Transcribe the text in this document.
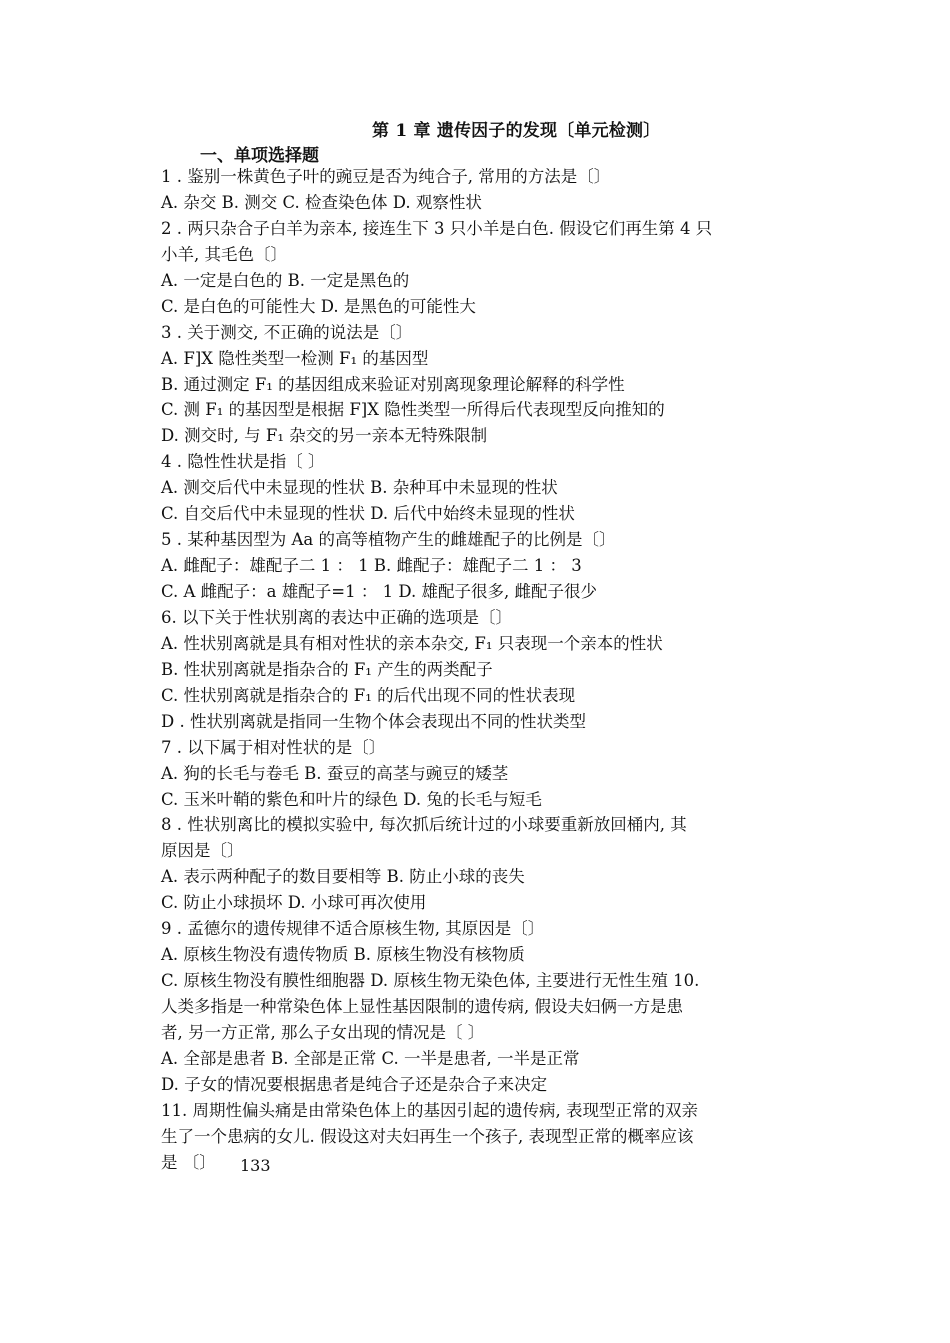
第 1 章 遗传因子的发现〔单元检测〕
一、单项选择题
1 . 鉴别一株黄色子叶的豌豆是否为纯合子, 常用的方法是〔〕
A. 杂交 B. 测交 C. 检查染色体 D. 观察性状
2 . 两只杂合子白羊为亲本, 接连生下 3 只小羊是白色. 假设它们再生第 4 只
小羊, 其毛色〔〕
A. 一定是白色的 B. 一定是黑色的
C. 是白色的可能性大 D. 是黑色的可能性大
3 . 关于测交, 不正确的说法是〔〕
A. F]X 隐性类型一检测 F₁ 的基因型
B. 通过测定 F₁ 的基因组成来验证对别离现象理论解释的科学性
C. 测 F₁ 的基因型是根据 F]X 隐性类型一所得后代表现型反向推知的
D. 测交时, 与 F₁ 杂交的另一亲本无特殊限制
4 . 隐性性状是指〔 〕
A. 测交后代中未显现的性状 B. 杂种耳中未显现的性状
C. 自交后代中未显现的性状 D. 后代中始终未显现的性状
5 . 某种基因型为 Aa 的高等植物产生的雌雄配子的比例是〔〕
A. 雌配子：雄配子二 1 ： 1 B. 雌配子：雄配子二 1 ： 3
C. A 雌配子：a 雄配子=1 ： 1 D. 雄配子很多, 雌配子很少
6. 以下关于性状别离的表达中正确的选项是〔〕
A. 性状别离就是具有相对性状的亲本杂交, F₁ 只表现一个亲本的性状
B. 性状别离就是指杂合的 F₁ 产生的两类配子
C. 性状别离就是指杂合的 F₁ 的后代出现不同的性状表现
D . 性状别离就是指同一生物个体会表现出不同的性状类型
7 . 以下属于相对性状的是〔〕
A. 狗的长毛与卷毛 B. 蚕豆的高茎与豌豆的矮茎
C. 玉米叶鞘的紫色和叶片的绿色 D. 兔的长毛与短毛
8 . 性状别离比的模拟实验中, 每次抓后统计过的小球要重新放回桶内, 其
原因是〔〕
A. 表示两种配子的数目要相等 B. 防止小球的丧失
C. 防止小球损坏 D. 小球可再次使用
9 . 孟德尔的遗传规律不适合原核生物, 其原因是〔〕
A. 原核生物没有遗传物质 B. 原核生物没有核物质
C. 原核生物没有膜性细胞器 D. 原核生物无染色体, 主要进行无性生殖 10.
人类多指是一种常染色体上显性基因限制的遗传病, 假设夫妇俩一方是患
者, 另一方正常, 那么子女出现的情况是〔 〕
A. 全部是患者 B. 全部是正常 C. 一半是患者, 一半是正常
D. 子女的情况要根据患者是纯合子还是杂合子来决定
11. 周期性偏头痛是由常染色体上的基因引起的遗传病, 表现型正常的双亲
生了一个患病的女儿. 假设这对夫妇再生一个孩子, 表现型正常的概率应该
是 〔〕	133
